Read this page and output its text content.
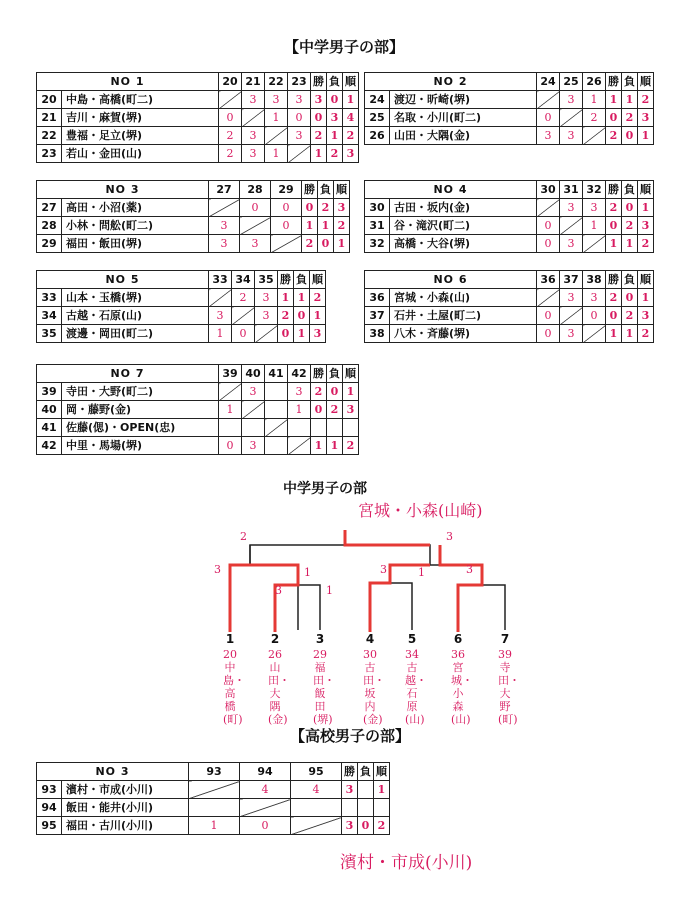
【中学男子の部】
NO 1		20	21	22	23	勝	負	順
20	中島・高橋(町二)		3	3	3	3	0	1
21	吉川・麻賀(堺)	0		1	0	0	3	4
22	豊福・足立(堺)	2	3		3	2	1	2
23	若山・金田(山)	2	3	1		1	2	3
NO 2		24	25	26	勝	負	順
24	渡辺・昕崎(堺)		3	1	1	1	2
25	名取・小川(町二)	0		2	0	2	3
26	山田・大隅(金)	3	3		2	0	1
NO 3		27	28	29	勝	負	順
27	高田・小沼(薬)		0	0	0	2	3
28	小林・問舩(町二)	3		0	1	1	2
29	福田・飯田(堺)	3	3		2	0	1
NO 4		30	31	32	勝	負	順
30	古田・坂内(金)		3	3	2	0	1
31	谷・滝沢(町二)	0		1	0	2	3
32	高橋・大谷(堺)	0	3		1	1	2
NO 5		33	34	35	勝	負	順
33	山本・玉橋(堺)		2	3	1	1	2
34	古越・石原(山)	3		3	2	0	1
35	渡邊・岡田(町二)	1	0		0	1	3
NO 6		36	37	38	勝	負	順
36	宮城・小森(山)		3	3	2	0	1
37	石井・土屋(町二)	0		0	0	2	3
38	八木・斉藤(堺)	0	3		1	1	2
NO 7		39	40	41	42	勝	負	順
39	寺田・大野(町二)		3		3	2	0	1
40	岡・藤野(金)	1			1	0	2	3
41	佐藤(偲)・OPEN(忠)							
42	中里・馬場(堺)	0	3			1	1	2
中学男子の部
宮城・小森(山崎)
2	3
3	1
3	1
3	1	3
1
20中島・高橋(町)
2
26山田・大隅(金)
3
29福田・飯田(堺)
4
30古田・坂内(金)
5
34古越・石原(山)
6
36宮城・小森(山)
7
39寺田・大野(町)
【高校男子の部】
NO 3		93	94	95	勝	負	順
93	濱村・市成(小川)		4	4	3		1
94	飯田・能井(小川)						
95	福田・古川(小川)	1	0		3	0	2
濱村・市成(小川)
